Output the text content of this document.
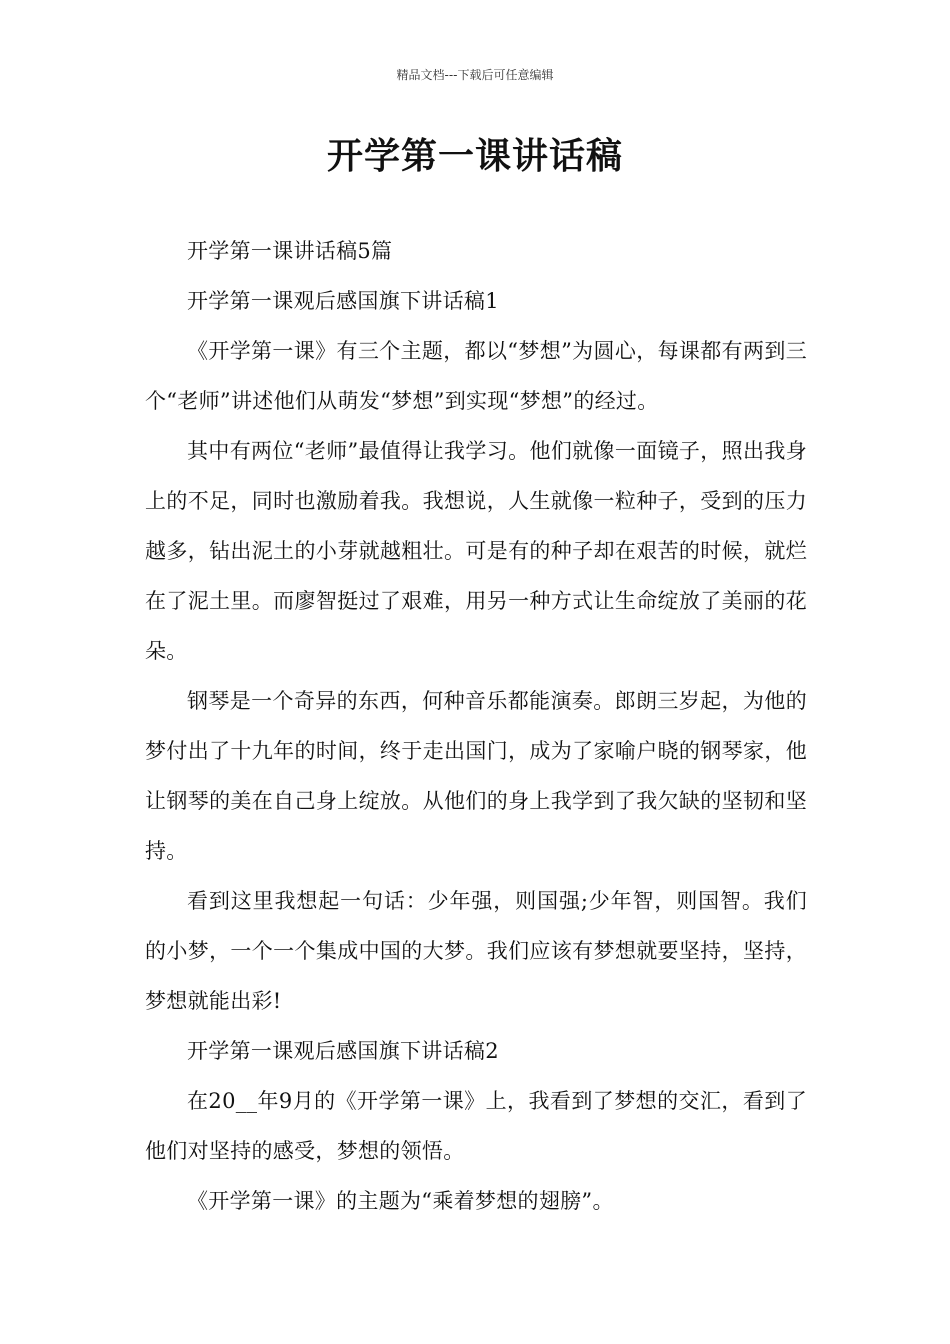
精品文档---下载后可任意编辑
开学第一课讲话稿

开学第一课讲话稿5篇

开学第一课观后感国旗下讲话稿1

《开学第一课》有三个主题，都以“梦想”为圆心，每课都有两到三个“老师”讲述他们从萌发“梦想”到实现“梦想”的经过。

其中有两位“老师”最值得让我学习。他们就像一面镜子，照出我身上的不足，同时也激励着我。我想说，人生就像一粒种子，受到的压力越多，钻出泥土的小芽就越粗壮。可是有的种子却在艰苦的时候，就烂在了泥土里。而廖智挺过了艰难，用另一种方式让生命绽放了美丽的花朵。

钢琴是一个奇异的东西，何种音乐都能演奏。郎朗三岁起，为他的梦付出了十九年的时间，终于走出国门，成为了家喻户晓的钢琴家，他让钢琴的美在自己身上绽放。从他们的身上我学到了我欠缺的坚韧和坚持。

看到这里我想起一句话：少年强，则国强;少年智，则国智。我们的小梦，一个一个集成中国的大梦。我们应该有梦想就要坚持，坚持，梦想就能出彩!

开学第一课观后感国旗下讲话稿2

在20__年9月的《开学第一课》上，我看到了梦想的交汇，看到了他们对坚持的感受，梦想的领悟。

《开学第一课》的主题为“乘着梦想的翅膀”。
